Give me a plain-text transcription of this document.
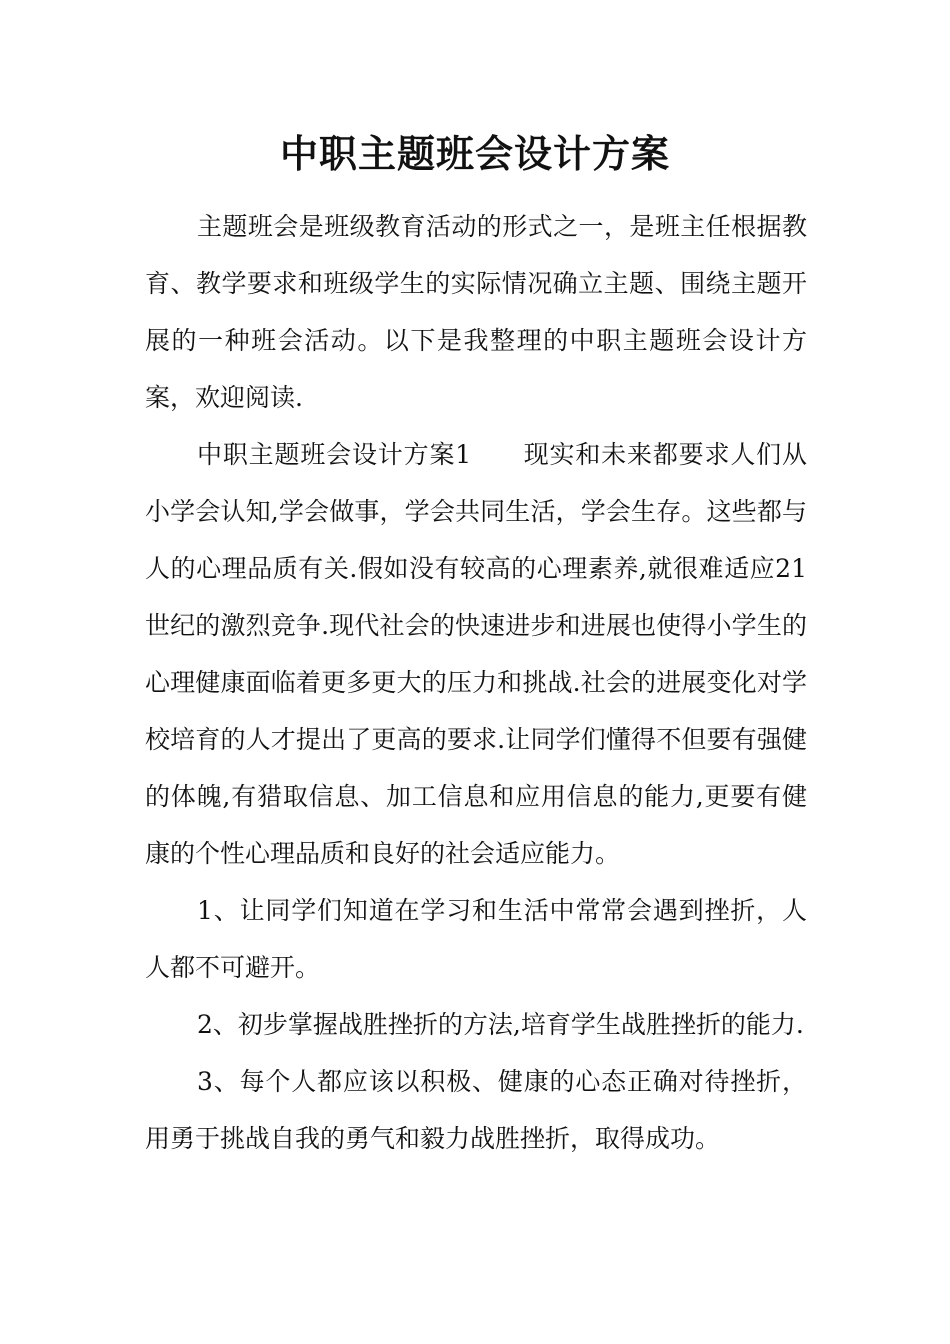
中职主题班会设计方案

主题班会是班级教育活动的形式之一，是班主任根据教育、教学要求和班级学生的实际情况确立主题、围绕主题开展的一种班会活动。以下是我整理的中职主题班会设计方案，欢迎阅读.

中职主题班会设计方案1　　现实和未来都要求人们从小学会认知,学会做事，学会共同生活，学会生存。这些都与人的心理品质有关.假如没有较高的心理素养,就很难适应21世纪的激烈竞争.现代社会的快速进步和进展也使得小学生的心理健康面临着更多更大的压力和挑战.社会的进展变化对学校培育的人才提出了更高的要求.让同学们懂得不但要有强健的体魄,有猎取信息、加工信息和应用信息的能力,更要有健康的个性心理品质和良好的社会适应能力。

1、让同学们知道在学习和生活中常常会遇到挫折，人人都不可避开。

2、初步掌握战胜挫折的方法,培育学生战胜挫折的能力.

3、每个人都应该以积极、健康的心态正确对待挫折，用勇于挑战自我的勇气和毅力战胜挫折，取得成功。
